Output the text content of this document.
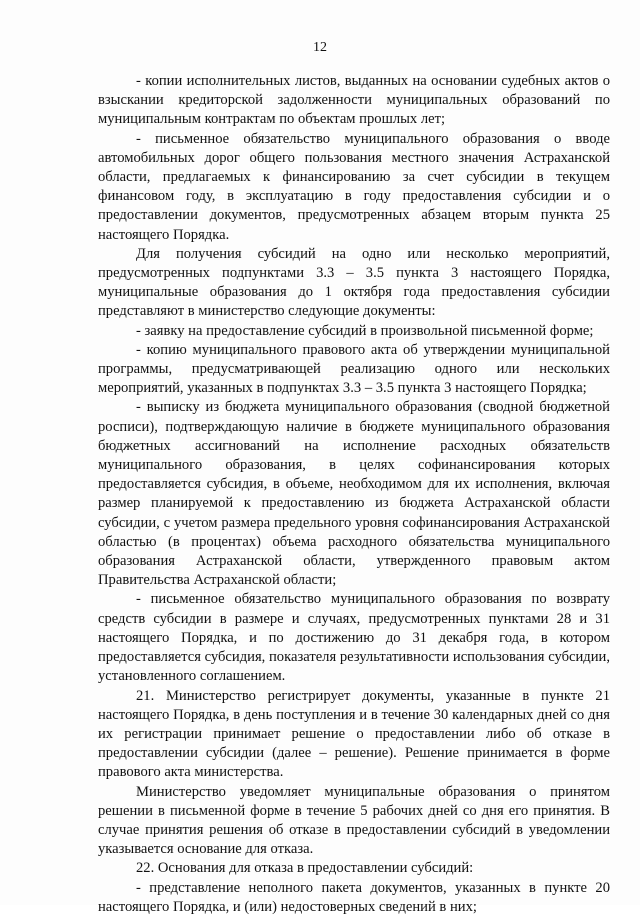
12

- копии исполнительных листов, выданных на основании судебных актов о взыскании кредиторской задолженности муниципальных образований по муниципальным контрактам по объектам прошлых лет;

- письменное обязательство муниципального образования о вводе автомобильных дорог общего пользования местного значения Астраханской области, предлагаемых к финансированию за счет субсидии в текущем финансовом году, в эксплуатацию в году предоставления субсидии и о предоставлении документов, предусмотренных абзацем вторым пункта 25 настоящего Порядка.

Для получения субсидий на одно или несколько мероприятий, предусмотренных подпунктами 3.3 – 3.5 пункта 3 настоящего Порядка, муниципальные образования до 1 октября года предоставления субсидии представляют в министерство следующие документы:

- заявку на предоставление субсидий в произвольной письменной форме;

- копию муниципального правового акта об утверждении муниципальной программы, предусматривающей реализацию одного или нескольких мероприятий, указанных в подпунктах 3.3 – 3.5 пункта 3 настоящего Порядка;

- выписку из бюджета муниципального образования (сводной бюджетной росписи), подтверждающую наличие в бюджете муниципального образования бюджетных ассигнований на исполнение расходных обязательств муниципального образования, в целях софинансирования которых предоставляется субсидия, в объеме, необходимом для их исполнения, включая размер планируемой к предоставлению из бюджета Астраханской области субсидии, с учетом размера предельного уровня софинансирования Астраханской областью (в процентах) объема расходного обязательства муниципального образования Астраханской области, утвержденного правовым актом Правительства Астраханской области;

- письменное обязательство муниципального образования по возврату средств субсидии в размере и случаях, предусмотренных пунктами 28 и 31 настоящего Порядка, и по достижению до 31 декабря года, в котором предоставляется субсидия, показателя результативности использования субсидии, установленного соглашением.

21. Министерство регистрирует документы, указанные в пункте 21 настоящего Порядка, в день поступления и в течение 30 календарных дней со дня их регистрации принимает решение о предоставлении либо об отказе в предоставлении субсидии (далее – решение). Решение принимается в форме правового акта министерства.

Министерство уведомляет муниципальные образования о принятом решении в письменной форме в течение 5 рабочих дней со дня его принятия. В случае принятия решения об отказе в предоставлении субсидий в уведомлении указывается основание для отказа.

22. Основания для отказа в предоставлении субсидий:

- представление неполного пакета документов, указанных в пункте 20 настоящего Порядка, и (или) недостоверных сведений в них;
